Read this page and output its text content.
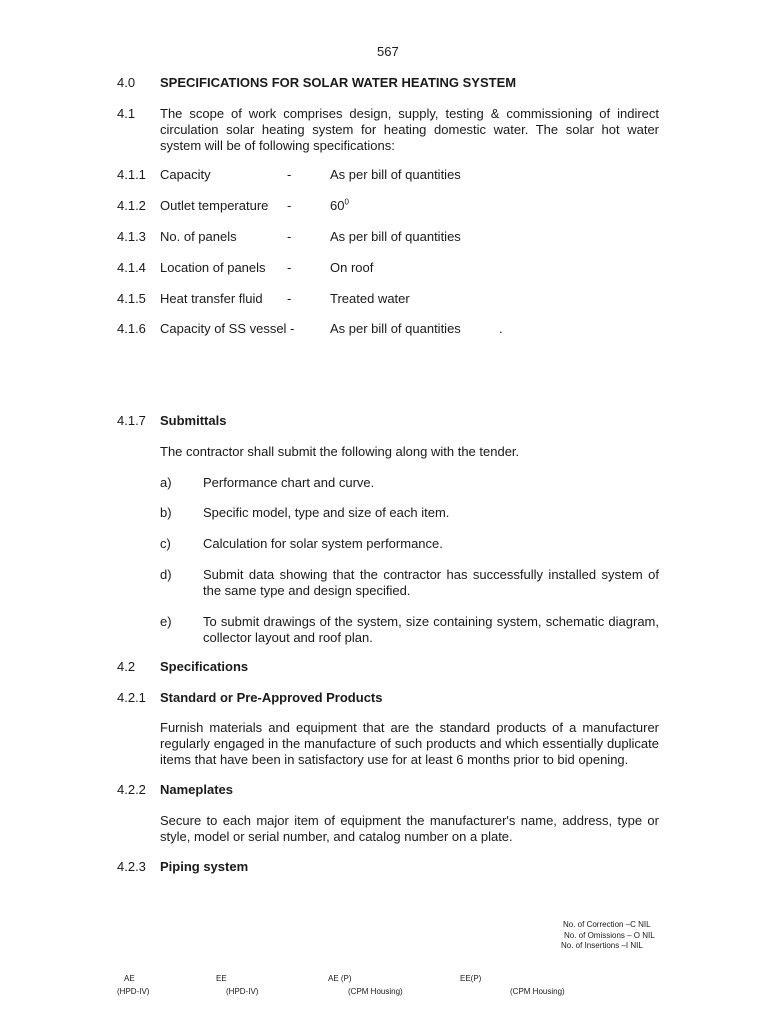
567
4.0 SPECIFICATIONS FOR SOLAR WATER HEATING SYSTEM
4.1 The scope of work comprises design, supply, testing & commissioning of indirect circulation solar heating system for heating domestic water. The solar hot water system will be of following specifications:
4.1.1 Capacity	-	As per bill of quantities
4.1.2 Outlet temperature -	$60^0$
4.1.3 No. of panels	-	As per bill of quantities
4.1.4 Location of panels -	On roof
4.1.5 Heat transfer fluid -	Treated water
4.1.6 Capacity of SS vessel -	As per bill of quantities	.
4.1.7 Submittals
The contractor shall submit the following along with the tender.
a) Performance chart and curve.
b) Specific model, type and size of each item.
c) Calculation for solar system performance.
d) Submit data showing that the contractor has successfully installed system of the same type and design specified.
e) To submit drawings of the system, size containing system, schematic diagram, collector layout and roof plan.
4.2 Specifications
4.2.1 Standard or Pre-Approved Products
Furnish materials and equipment that are the standard products of a manufacturer regularly engaged in the manufacture of such products and which essentially duplicate items that have been in satisfactory use for at least 6 months prior to bid opening.
4.2.2 Nameplates
Secure to each major item of equipment the manufacturer's name, address, type or style, model or serial number, and catalog number on a plate.
4.2.3 Piping system
No. of Correction –C NIL
No. of Omissions – O NIL
No. of Insertions –I NIL
AE
(HPD-IV)
EE
(HPD-IV)
AE (P)
(CPM Housing)
EE(P)
(CPM Housing)
